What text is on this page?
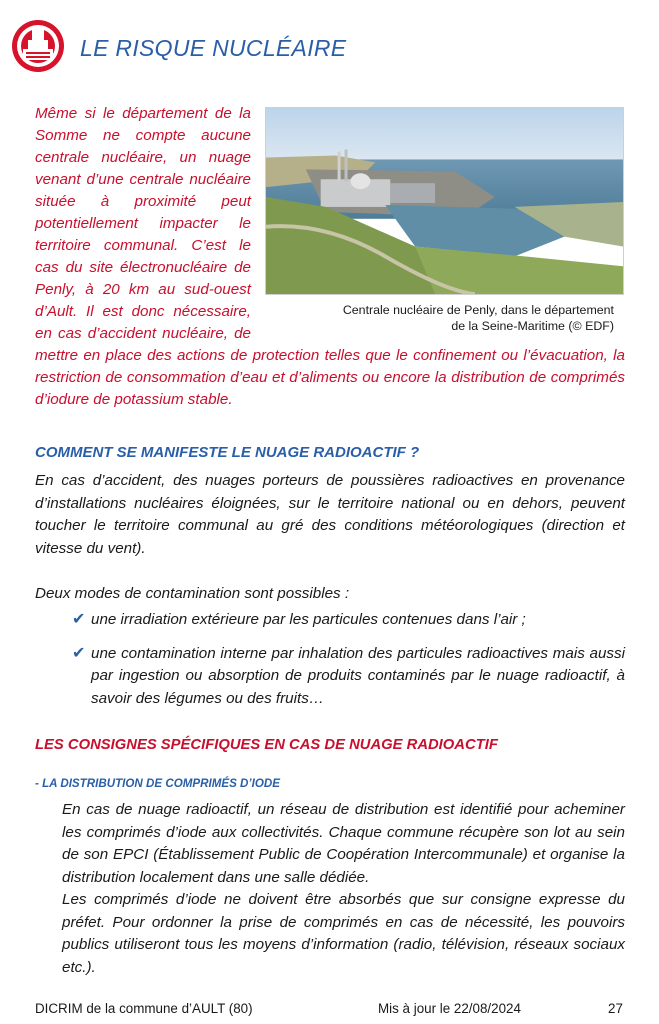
LE RISQUE NUCLÉAIRE
Centrale nucléaire de Penly, dans le département
de la Seine-Maritime (© EDF)
Même si le département de la Somme ne compte aucune centrale nucléaire, un nuage venant d’une centrale nucléaire située à proximité peut potentiellement impacter le territoire communal. C’est le cas du site électronucléaire de Penly, à 20 km au sud-ouest d’Ault. Il est donc nécessaire, en cas d’accident nucléaire, de mettre en place des actions de protection telles que le confinement ou l’évacuation, la restriction de consommation d’eau et d’aliments ou encore la distribution de comprimés d’iodure de potassium stable.
COMMENT SE MANIFESTE LE NUAGE RADIOACTIF ?

En cas d’accident, des nuages porteurs de poussières radioactives en provenance d’installations nucléaires éloignées, sur le territoire national ou en dehors, peuvent toucher le territoire communal au gré des conditions météorologiques (direction et vitesse du vent).

Deux modes de contamination sont possibles :

✔ une irradiation extérieure par les particules contenues dans l’air ;
✔ une contamination interne par inhalation des particules radioactives mais aussi par ingestion ou absorption de produits contaminés par le nuage radioactif, à savoir des légumes ou des fruits…
LES CONSIGNES SPÉCIFIQUES EN CAS DE NUAGE RADIOACTIF
- LA DISTRIBUTION DE COMPRIMÉS D’IODE

En cas de nuage radioactif, un réseau de distribution est identifié pour acheminer les comprimés d’iode aux collectivités. Chaque commune récupère son lot au sein de son EPCI (Établissement Public de Coopération Intercommunale) et organise la distribution localement dans une salle dédiée.

Les comprimés d’iode ne doivent être absorbés que sur consigne expresse du préfet. Pour ordonner la prise de comprimés en cas de nécessité, les pouvoirs publics utiliseront tous les moyens d’information (radio, télévision, réseaux sociaux etc.).

DICRIM de la commune d’AULT (80)	Mis à jour le 22/08/2024	27
